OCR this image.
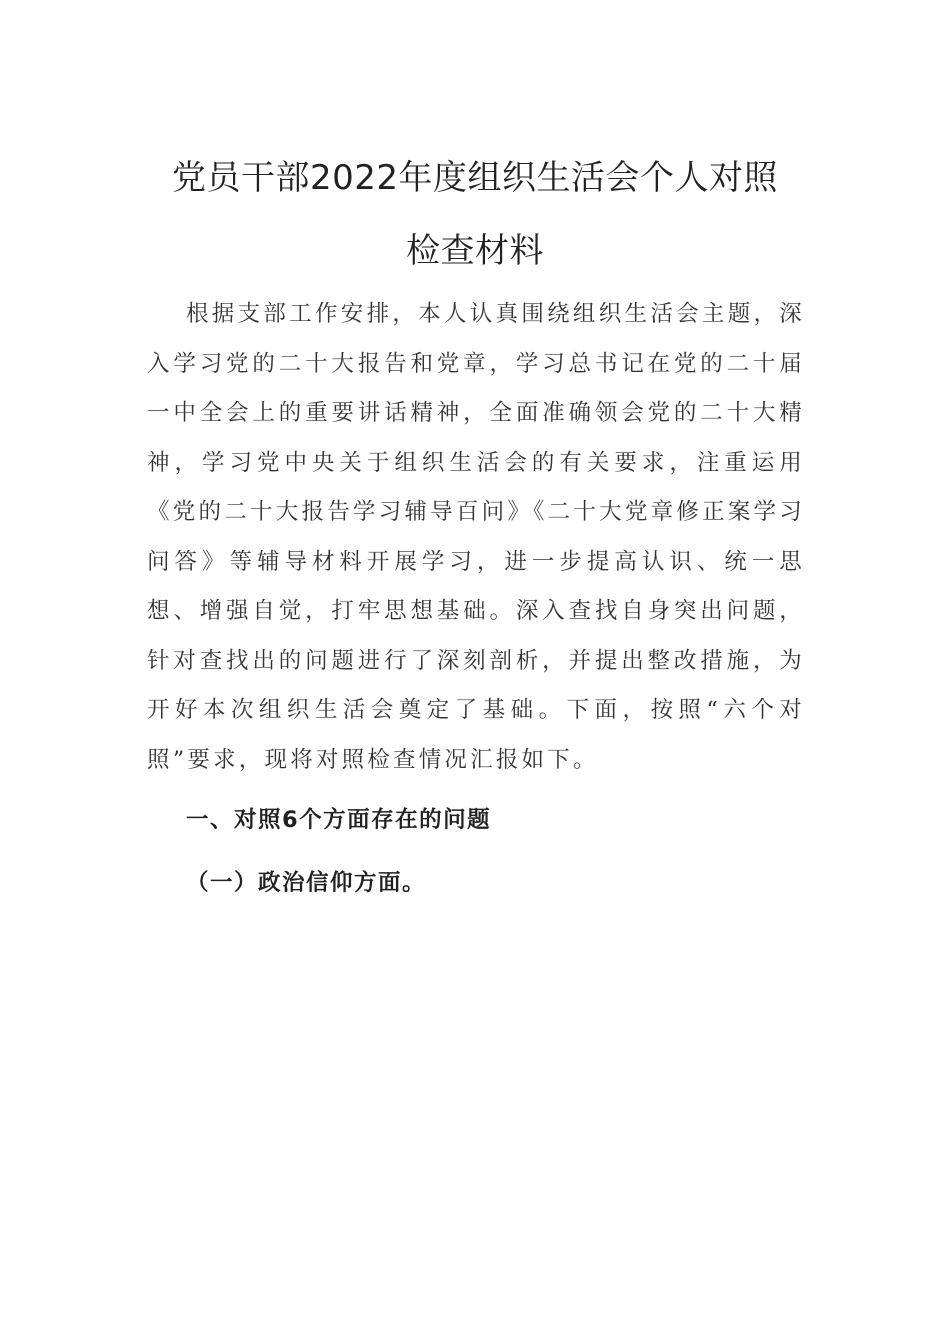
党员干部2022年度组织生活会个人对照
检查材料

根据支部工作安排，本人认真围绕组织生活会主题，深入学习党的二十大报告和党章，学习总书记在党的二十届一中全会上的重要讲话精神，全面准确领会党的二十大精神，学习党中央关于组织生活会的有关要求，注重运用《党的二十大报告学习辅导百问》《二十大党章修正案学习问答》等辅导材料开展学习，进一步提高认识、统一思想、增强自觉，打牢思想基础。深入查找自身突出问题，针对查找出的问题进行了深刻剖析，并提出整改措施，为开好本次组织生活会奠定了基础。下面，按照“六个对照”要求，现将对照检查情况汇报如下。

一、对照6个方面存在的问题
（一）政治信仰方面。
